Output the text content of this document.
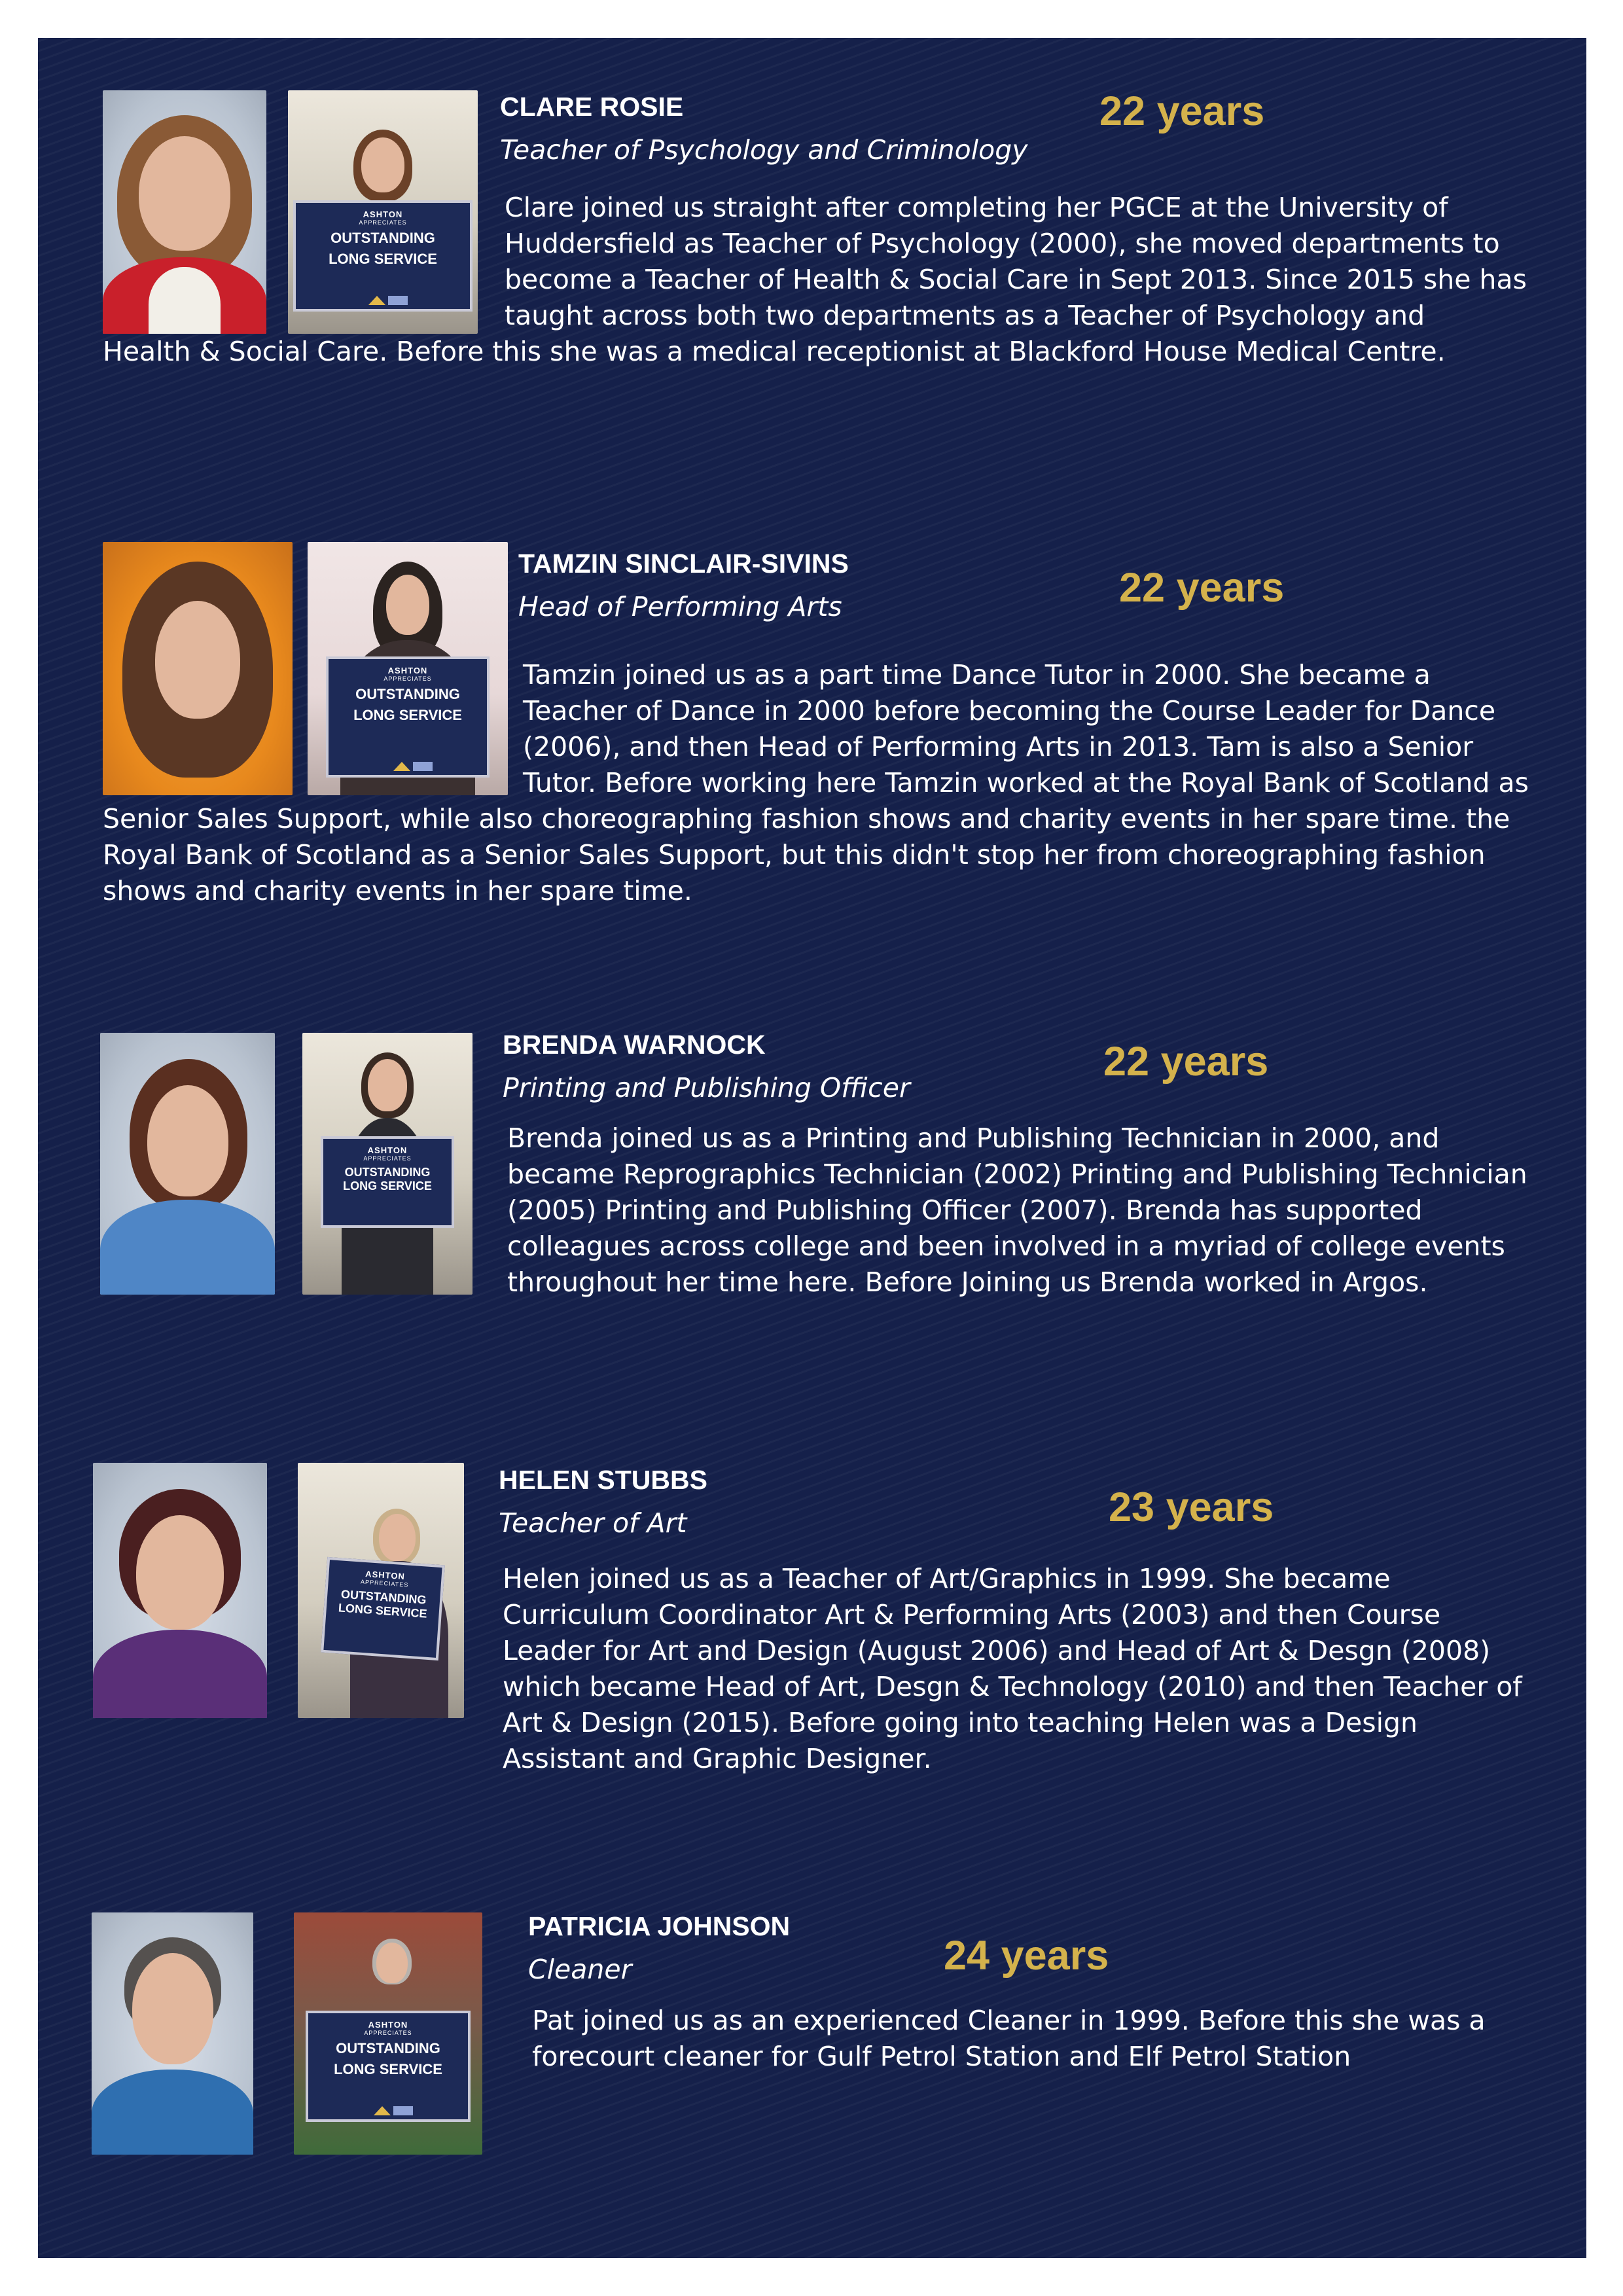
ASHTON
APPRECIATES
OUTSTANDING
LONG SERVICE
CLARE ROSIE
Teacher of Psychology and Criminology
22 years

Clare joined us straight after completing her PGCE at the University of
Huddersfield as Teacher of Psychology (2000), she moved departments to
become a Teacher of Health & Social Care in Sept 2013. Since 2015 she has
taught across both two departments as a Teacher of Psychology and
Health & Social Care. Before this she was a medical receptionist at Blackford House Medical Centre.

ASHTON
APPRECIATES
OUTSTANDING
LONG SERVICE
TAMZIN SINCLAIR-SIVINS
Head of Performing Arts	22 years

Tamzin joined us as a part time Dance Tutor in 2000. She became a
Teacher of Dance in 2000 before becoming the Course Leader for Dance
(2006), and then Head of Performing Arts in 2013. Tam is also a Senior
Tutor. Before working here Tamzin worked at the Royal Bank of Scotland as
Senior Sales Support, while also choreographing fashion shows and charity events in her spare time. the
Royal Bank of Scotland as a Senior Sales Support, but this didn't stop her from choreographing fashion
shows and charity events in her spare time.

ASHTON
APPRECIATES
OUTSTANDING
LONG SERVICE
BRENDA WARNOCK
Printing and Publishing Officer
22 years

Brenda joined us as a Printing and Publishing Technician in 2000, and
became Reprographics Technician (2002) Printing and Publishing Technician
(2005) Printing and Publishing Officer (2007). Brenda has supported
colleagues across college and been involved in a myriad of college events
throughout her time here. Before Joining us Brenda worked in Argos.

ASHTON
APPRECIATES
OUTSTANDING
LONG SERVICE
HELEN STUBBS
Teacher of Art	23 years

Helen joined us as a Teacher of Art/Graphics in 1999. She became
Curriculum Coordinator Art & Performing Arts (2003) and then Course
Leader for Art and Design (August 2006) and Head of Art & Desgn (2008)
which became Head of Art, Desgn & Technology (2010) and then Teacher of
Art & Design (2015). Before going into teaching Helen was a Design
Assistant and Graphic Designer.

ASHTON
APPRECIATES
OUTSTANDING
LONG SERVICE
PATRICIA JOHNSON
Cleaner	24 years

Pat joined us as an experienced Cleaner in 1999. Before this she was a
forecourt cleaner for Gulf Petrol Station and Elf Petrol Station
